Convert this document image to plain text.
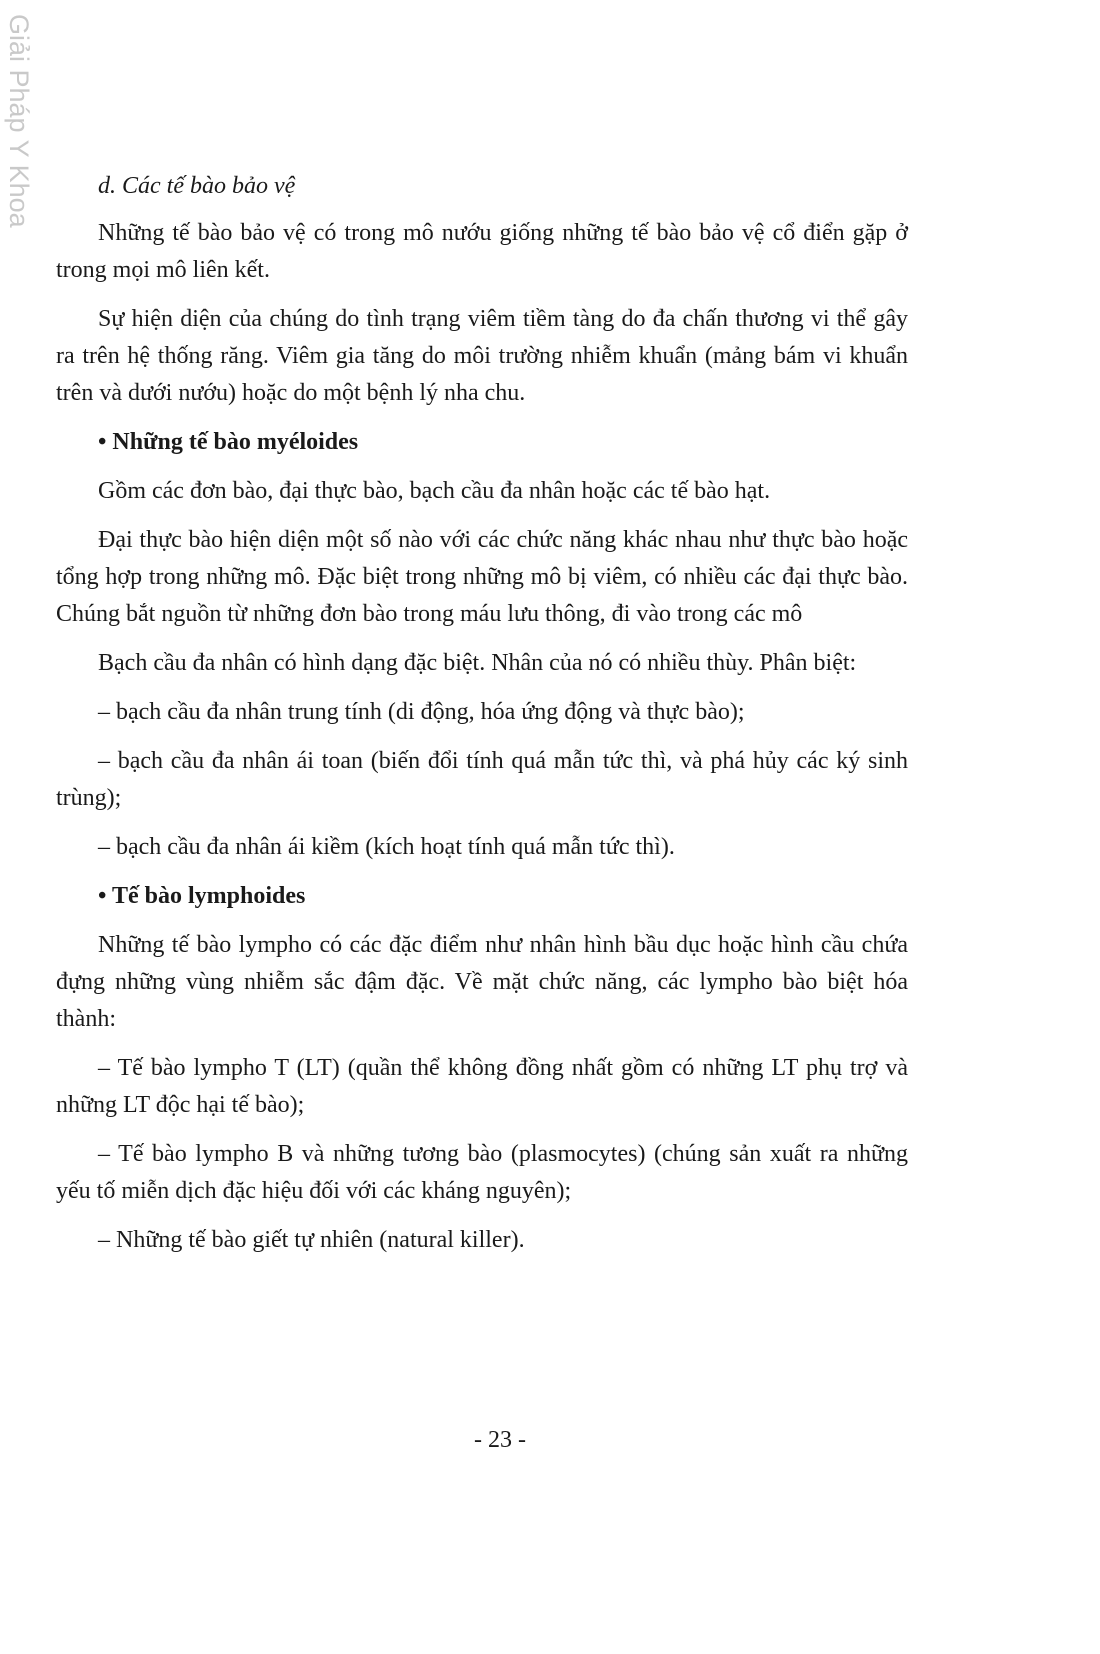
Giải Pháp Y Khoa	d. Các tế bào bảo vệ

Những tế bào bảo vệ có trong mô nướu giống những tế bào bảo vệ cổ điển gặp ở trong mọi mô liên kết.

Sự hiện diện của chúng do tình trạng viêm tiềm tàng do đa chấn thương vi thể gây ra trên hệ thống răng. Viêm gia tăng do môi trường nhiễm khuẩn (mảng bám vi khuẩn trên và dưới nướu) hoặc do một bệnh lý nha chu.

• Những tế bào myéloides

Gồm các đơn bào, đại thực bào, bạch cầu đa nhân hoặc các tế bào hạt.

Đại thực bào hiện diện một số nào với các chức năng khác nhau như thực bào hoặc tổng hợp trong những mô. Đặc biệt trong những mô bị viêm, có nhiều các đại thực bào. Chúng bắt nguồn từ những đơn bào trong máu lưu thông, đi vào trong các mô

Bạch cầu đa nhân có hình dạng đặc biệt. Nhân của nó có nhiều thùy. Phân biệt:

– bạch cầu đa nhân trung tính (di động, hóa ứng động và thực bào);

– bạch cầu đa nhân ái toan (biến đổi tính quá mẫn tức thì, và phá hủy các ký sinh trùng);

– bạch cầu đa nhân ái kiềm (kích hoạt tính quá mẫn tức thì).

• Tế bào lymphoides

Những tế bào lympho có các đặc điểm như nhân hình bầu dục hoặc hình cầu chứa đựng những vùng nhiễm sắc đậm đặc. Về mặt chức năng, các lympho bào biệt hóa thành:

– Tế bào lympho T (LT) (quần thể không đồng nhất gồm có những LT phụ trợ và những LT độc hại tế bào);

– Tế bào lympho B và những tương bào (plasmocytes) (chúng sản xuất ra những yếu tố miễn dịch đặc hiệu đối với các kháng nguyên);

– Những tế bào giết tự nhiên (natural killer).

- 23 -
